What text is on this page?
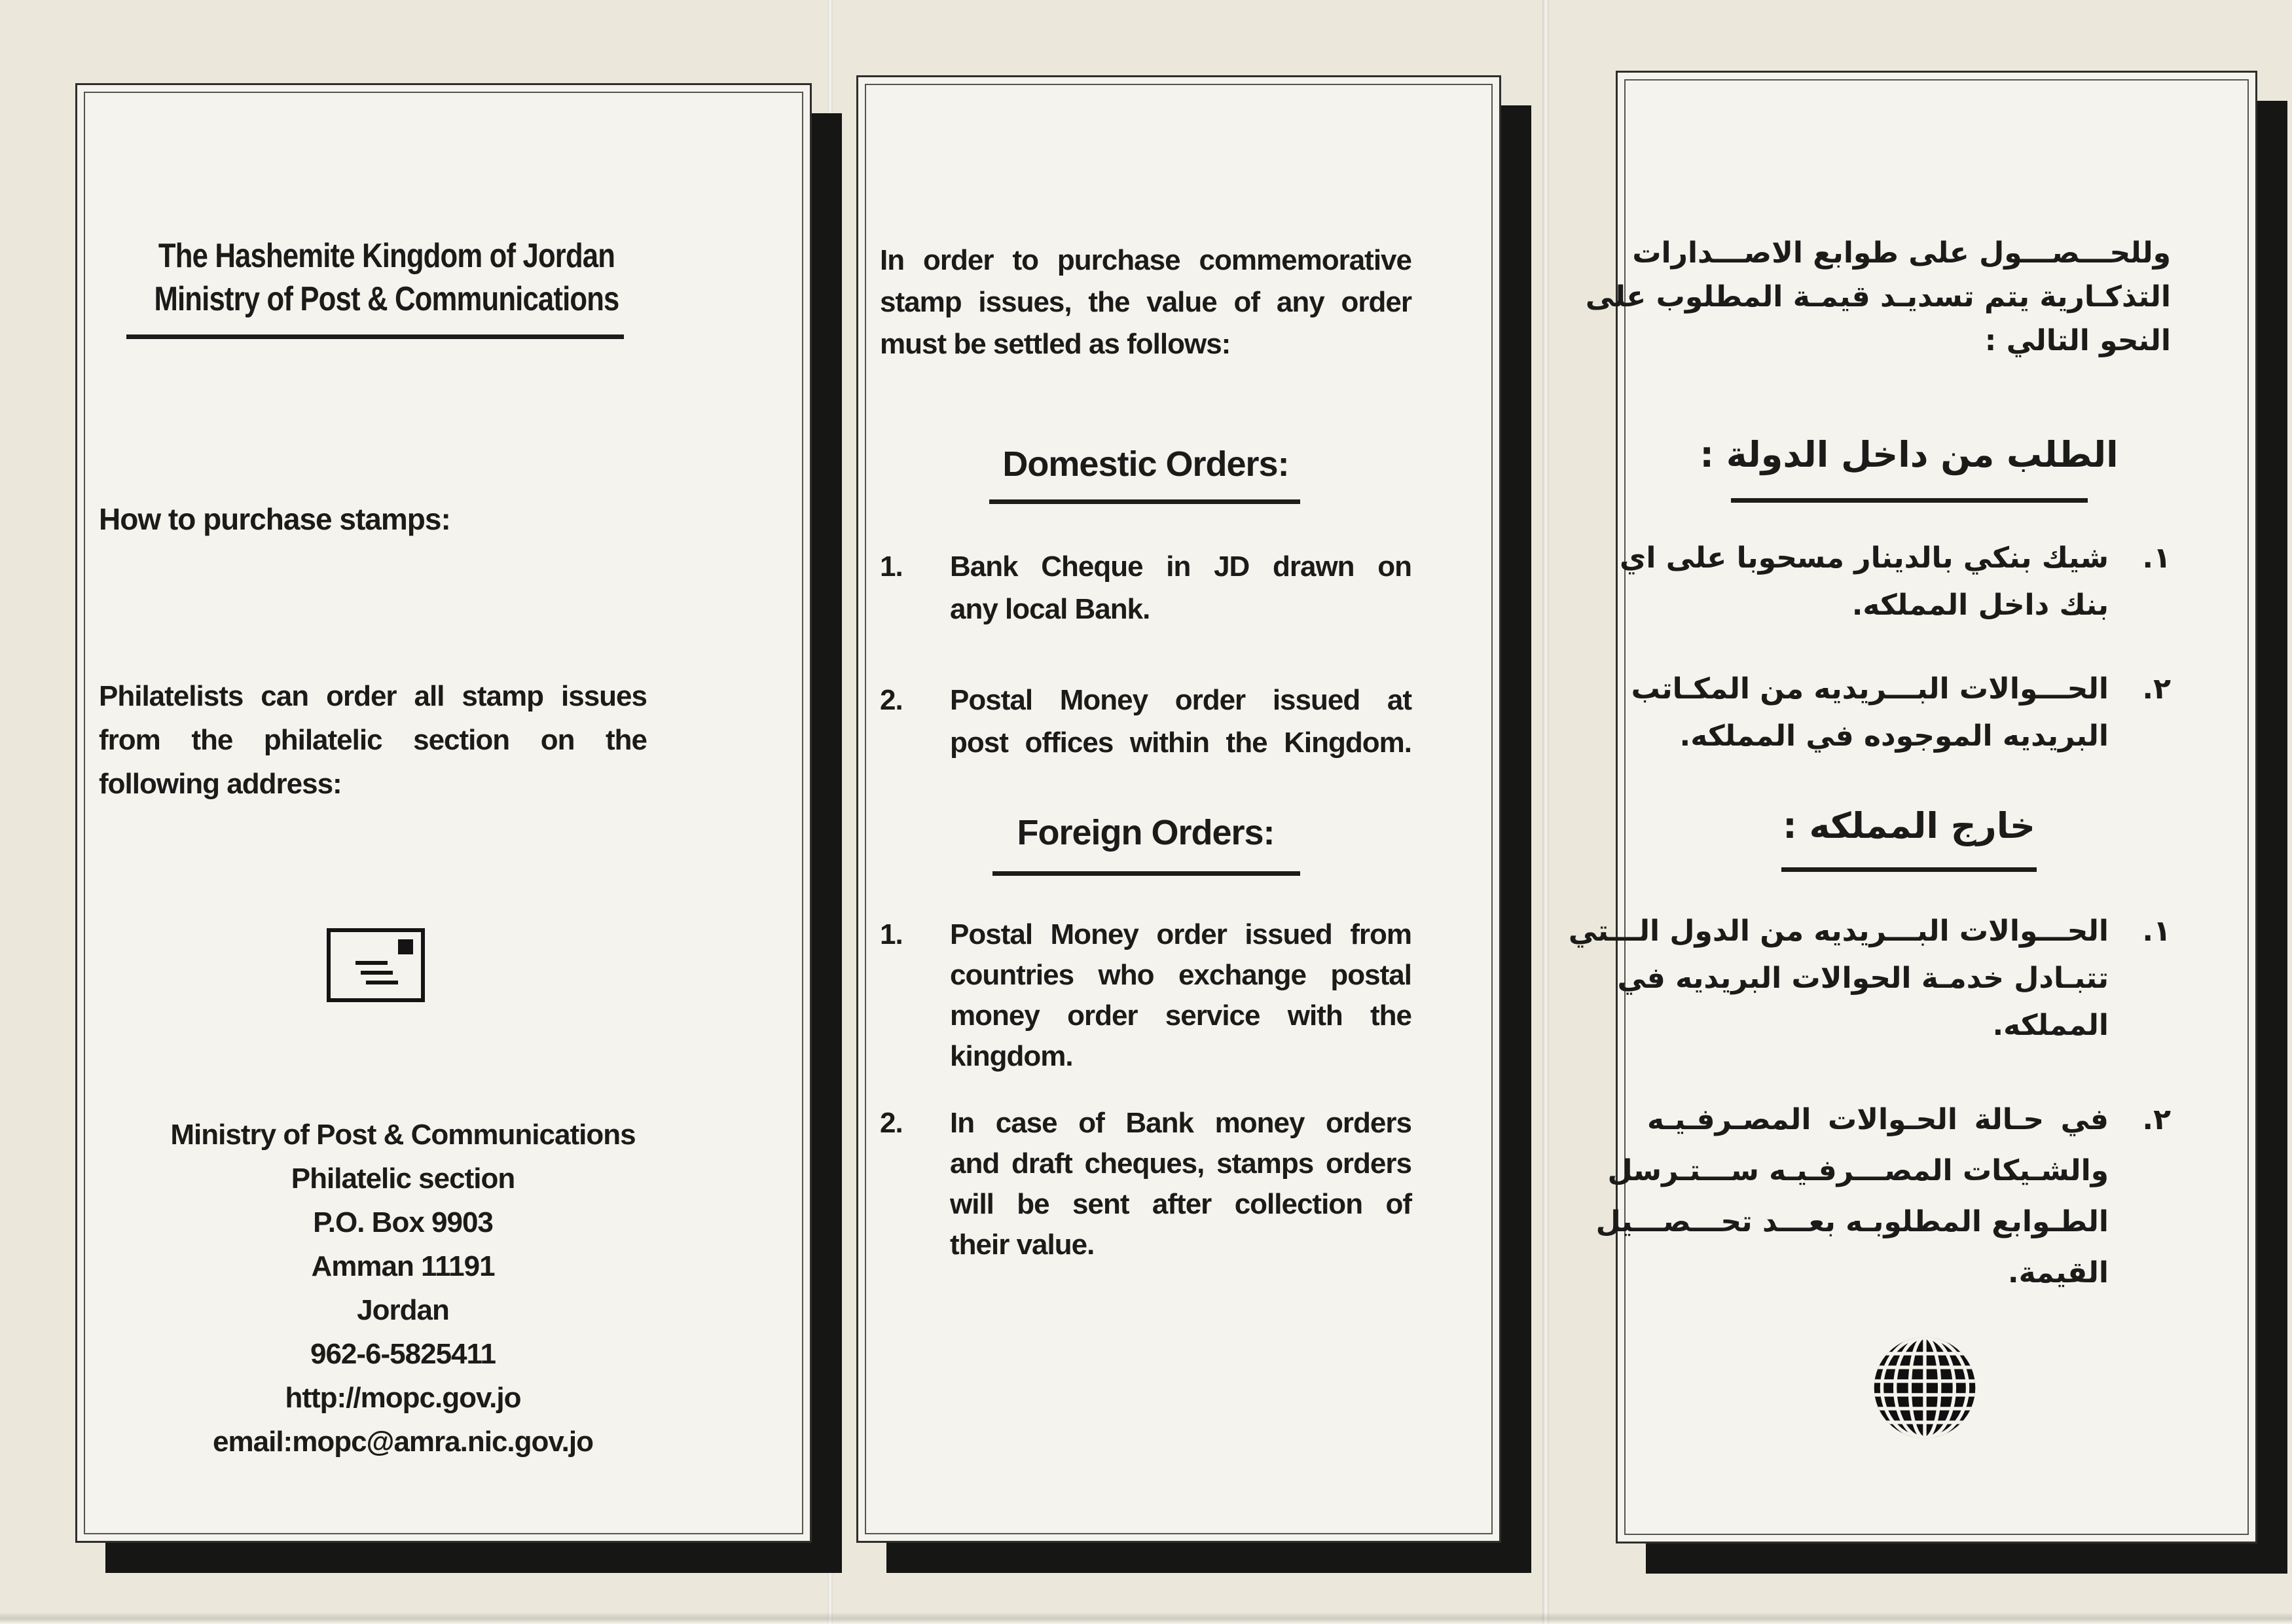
The Hashemite Kingdom of Jordan
Ministry of Post & Communications
How to purchase stamps:
Philatelists can order all stamp issues
from the philatelic section on the
following address:
Ministry of Post & Communications
Philatelic section
P.O. Box 9903
Amman 11191
Jordan
962-6-5825411
http://mopc.gov.jo
email:mopc@amra.nic.gov.jo
In order to purchase commemorative
stamp issues, the value of any order
must be settled as follows:
Domestic Orders:
1.	Bank Cheque in JD drawn on
any local Bank.
2.	Postal Money order issued at
post offices within the Kingdom.
Foreign Orders:
1.	Postal Money order issued from
countries who exchange postal
money order service with the
kingdom.
2.	In case of Bank money orders
and draft cheques, stamps orders
will be sent after collection of
their value.
وللحـــصـــول على طوابع الاصـــدارات
التذكـارية يتم تسديـد قيمـة المطلوب على
النحو التالي :
الطلب من داخل الدولة :
١.
شيك بنكي بالدينار مسحوبا على اي
بنك داخل المملكه.
٢.
الحـــوالات البـــريديه من المكـاتب
البريديه الموجوده في المملكه.
خارج المملكه :
١.
الحـــوالات البـــريديه من الدول الـــتي
تتبـادل خدمـة الحوالات البريديه في
المملكه.
٢.
في حـالة الحـوالات المصـرفـيـه
والشـيكات المصـــرفـيـه ســـتـرسل
الطـوابع المطلوبـه بعـــد تحـــصـــيل
القيمة.
